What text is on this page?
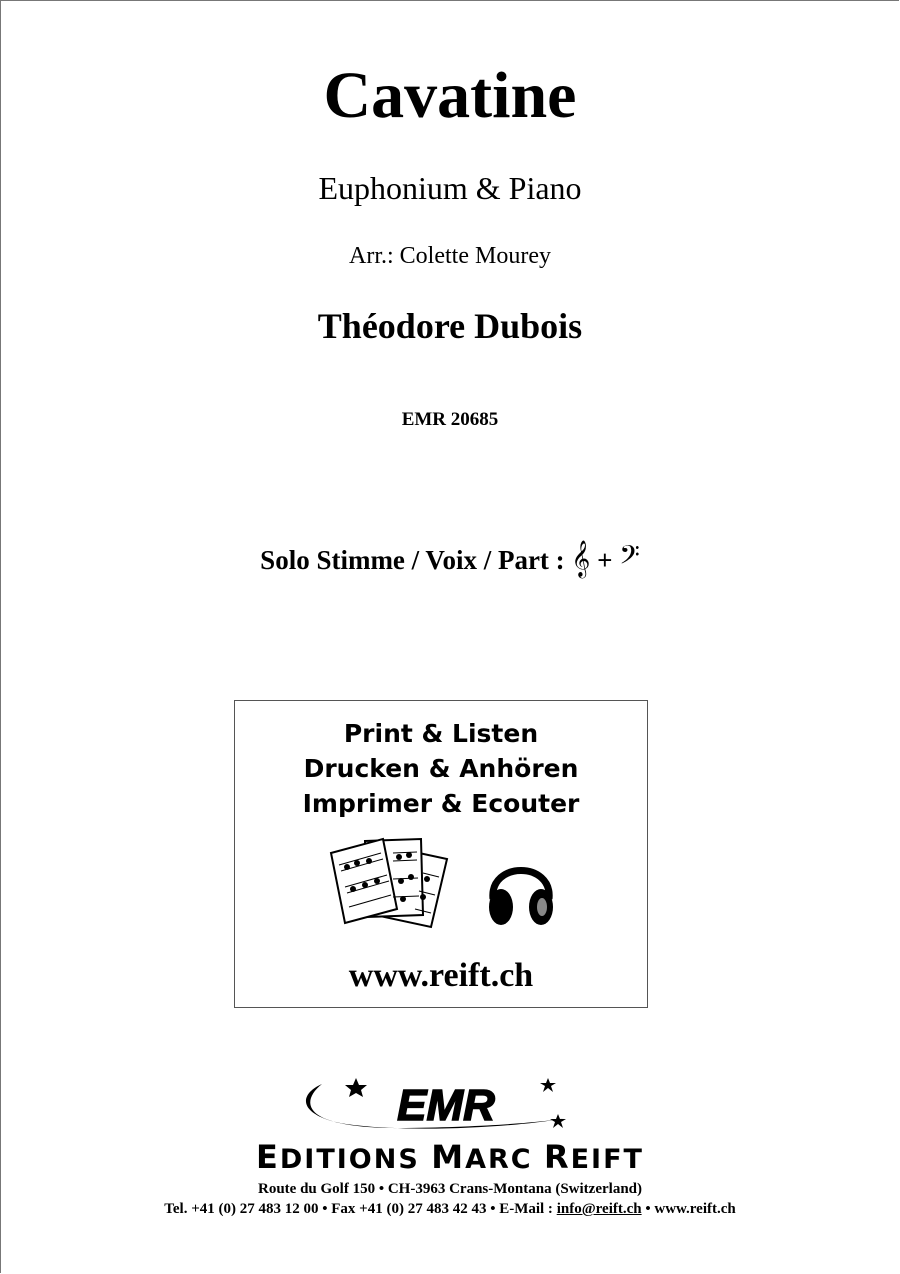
Cavatine
Euphonium & Piano
Arr.: Colette Mourey
Théodore Dubois
EMR 20685
Solo Stimme / Voix / Part : 𝄞 + 𝄢
Print & Listen
Drucken & Anhören
Imprimer & Ecouter
www.reift.ch
EMR
EDITIONS MARC REIFT
Route du Golf 150 • CH-3963 Crans-Montana (Switzerland)
Tel. +41 (0) 27 483 12 00 • Fax +41 (0) 27 483 42 43 • E-Mail : info@reift.ch • www.reift.ch
